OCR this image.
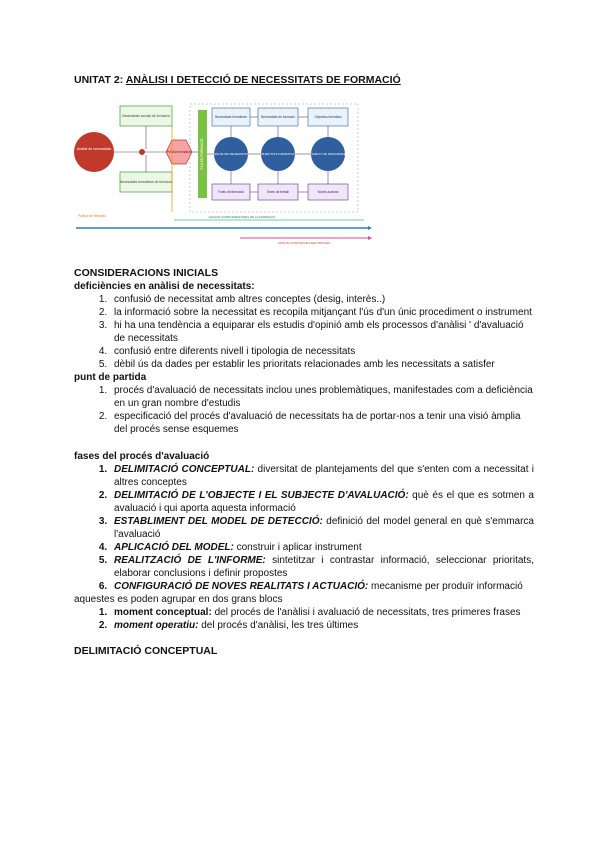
UNITAT 2: ANÀLISI I DETECCIÓ DE NECESSITATS DE FORMACIÓ
Anàlisi de necessitats
Necessitats socials de formació
Necessitats formatives de formació
Política formativa	PLA DE FORMACIÓ
Necessitats formatives	Necessitats de formació	Objectius formatius
ANÀLISI DE NECESSITATS	OBJECTIUS FORMATIUS	DISSENY DE PROGRAMES
Fonts d'informació	Eines de treball	Noves accions
Política de formació	ANÀLISI COMPLEMENTÀRIA DE LA FORMACIÓ
ANÀLISI CONTINUADA DEL PROCÉS
CONSIDERACIONS INICIALS
deficiències en anàlisi de necessitats:
1. confusió de necessitat amb altres conceptes (desig, interès..)
2. la informació sobre la necessitat es recopila mitjançant l'ús d'un únic procediment o instrument
3. hi ha una tendència a equiparar els estudis d'opinió amb els processos d'anàlisi ' d'avaluació de necessitats
4. confusió entre diferents nivell i tipologia de necessitats
5. dèbil ús da dades per establir les prioritats relacionades amb les necessitats a satisfer
punt de partida
1. procés d'avaluació de necessitats inclou unes problemàtiques, manifestades com a deficiència en un gran nombre d'estudis
2. especificació del procés d'avaluació de necessitats ha de portar-nos a tenir una visió àmplia del procés sense esquemes
fases del procés d'avaluació
1. DELIMITACIÓ CONCEPTUAL: diversitat de plantejaments del que s'enten com a necessitat i altres conceptes
2. DELIMITACIÓ DE L'OBJECTE I EL SUBJECTE D'AVALUACIÓ: què és el que es sotmen a avaluació i qui aporta aquesta informació
3. ESTABLIMENT DEL MODEL DE DETECCIÓ: definició del model general en què s'emmarca l'avaluació
4. APLICACIÓ DEL MODEL: construir i aplicar instrument
5. REALITZACIÓ DE L'INFORME: sintetitzar i contrastar informació, seleccionar prioritats, elaborar conclusions i definir propostes
6. CONFIGURACIÓ DE NOVES REALITATS I ACTUACIÓ: mecanisme per produïr informació
aquestes es poden agrupar en dos grans blocs
1. moment conceptual: del procés de l'anàlisi i avaluació de necessitats, tres primeres frases
2. moment operatiu: del procés d'anàlisi, les tres últimes
DELIMITACIÓ CONCEPTUAL
